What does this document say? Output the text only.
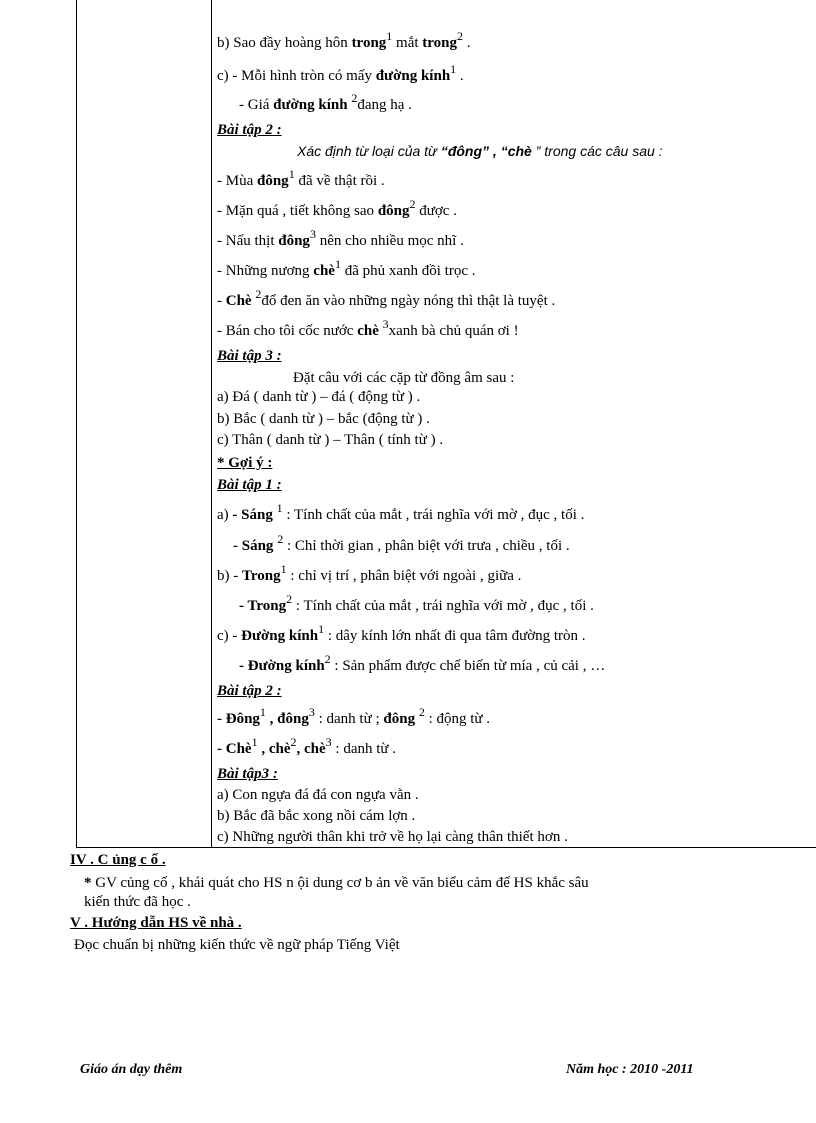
b) Sao đầy hoàng hôn trong$^1$ mắt trong$^2$ .
c) - Mỗi hình tròn có mấy đường kính$^1$ .
- Giá đường kính $^2$đang hạ .
Bài tập 2 :
Xác định từ loại của từ “đông” , “chè ” trong các câu sau :
- Mùa đông$^1$ đã về thật rồi .
- Mặn quá , tiết không sao đông$^2$ được .
- Nấu thịt đông$^3$ nên cho nhiều mọc nhĩ .
- Những nương chè$^1$ đã phủ xanh đồi trọc .
- Chè $^2$đổ đen ăn vào những ngày nóng thì thật là tuyệt .
- Bán cho tôi cốc nước chè $^3$xanh bà chủ quán ơi !
Bài tập 3 :
Đặt câu với các cặp từ đồng âm sau :
a) Đá ( danh từ ) – đá ( động từ ) .
b) Bắc ( danh từ ) – bắc (động từ ) .
c) Thân ( danh từ ) – Thân ( tính từ ) .
* Gợi ý :
Bài tập 1 :
a) - Sáng $^1$ : Tính chất của mắt , trái nghĩa với mờ , đục , tối .
- Sáng $^2$ : Chỉ thời gian , phân biệt với trưa , chiều , tối .
b) - Trong$^1$ : chỉ vị trí , phân biệt với ngoài , giữa .
- Trong$^2$ : Tính chất của mắt , trái nghĩa với mờ , đục , tối .
c) - Đường kính$^1$ : dây kính lớn nhất đi qua tâm đường tròn .
- Đường kính$^2$ : Sản phẩm được chế biến từ mía , củ cải , …
Bài tập 2 :
- Đông$^1$ , đông$^3$ : danh từ ; đông $^2$ : động từ .
- Chè$^1$ , chè$^2$, chè$^3$ : danh từ .
Bài tập3 :
a) Con ngựa đá đá con ngựa vằn .
b) Bắc đã bắc xong nồi cám lợn .
c) Những người thân khi trở về họ lại càng thân thiết hơn .
IV . C ủng c ố .
* GV củng cố , khái quát cho HS n ội dung cơ b ản về văn biểu cảm để HS khắc sâu
kiến thức đã học .
V . Hướng dẫn HS về nhà .
Đọc chuẩn bị những kiến thức về ngữ pháp Tiếng Việt
Giáo án dạy thêm	Năm học : 2010 -2011
